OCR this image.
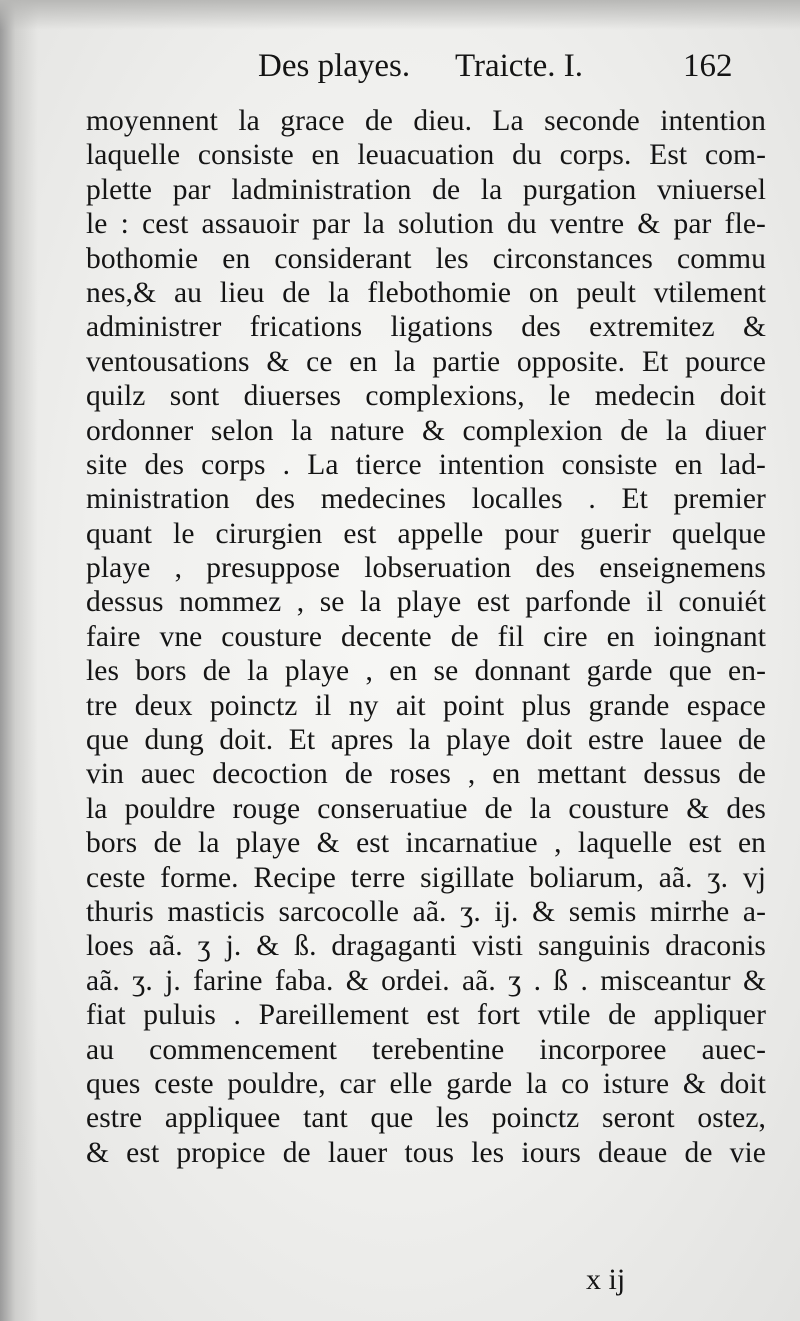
Des playes. Traicte. I.	162
moyennent la grace de dieu. La seconde intention
laquelle consiste en leuacuation du corps. Est com-
plette par ladministration de la purgation vniuersel
le : cest assauoir par la solution du ventre & par fle-
bothomie en considerant les circonstances commu
nes,& au lieu de la flebothomie on peult vtilement
administrer frications ligations des extremitez &
ventousations & ce en la partie opposite. Et pource
quilz sont diuerses complexions, le medecin doit
ordonner selon la nature & complexion de la diuer
site des corps . La tierce intention consiste en lad-
ministration des medecines localles . Et premier
quant le cirurgien est appelle pour guerir quelque
playe , presuppose lobseruation des enseignemens
dessus nommez , se la playe est parfonde il conuiét
faire vne cousture decente de fil cire en ioingnant
les bors de la playe , en se donnant garde que en-
tre deux poinctz il ny ait point plus grande espace
que dung doit. Et apres la playe doit estre lauee de
vin auec decoction de roses , en mettant dessus de
la pouldre rouge conseruatiue de la cousture & des
bors de la playe & est incarnatiue , laquelle est en
ceste forme. Recipe terre sigillate boliarum, aã. ʒ. vj
thuris masticis sarcocolle aã. ʒ. ij. & semis mirrhe a-
loes aã. ʒ j. & ß. dragaganti visti sanguinis draconis
aã. ʒ. j. farine faba. & ordei. aã. ʒ . ß . misceantur &
fiat puluis . Pareillement est fort vtile de appliquer
au commencement terebentine incorporee auec-
ques ceste pouldre, car elle garde la co isture & doit
estre appliquee tant que les poinctz seront ostez,
& est propice de lauer tous les iours deaue de vie
x ij
